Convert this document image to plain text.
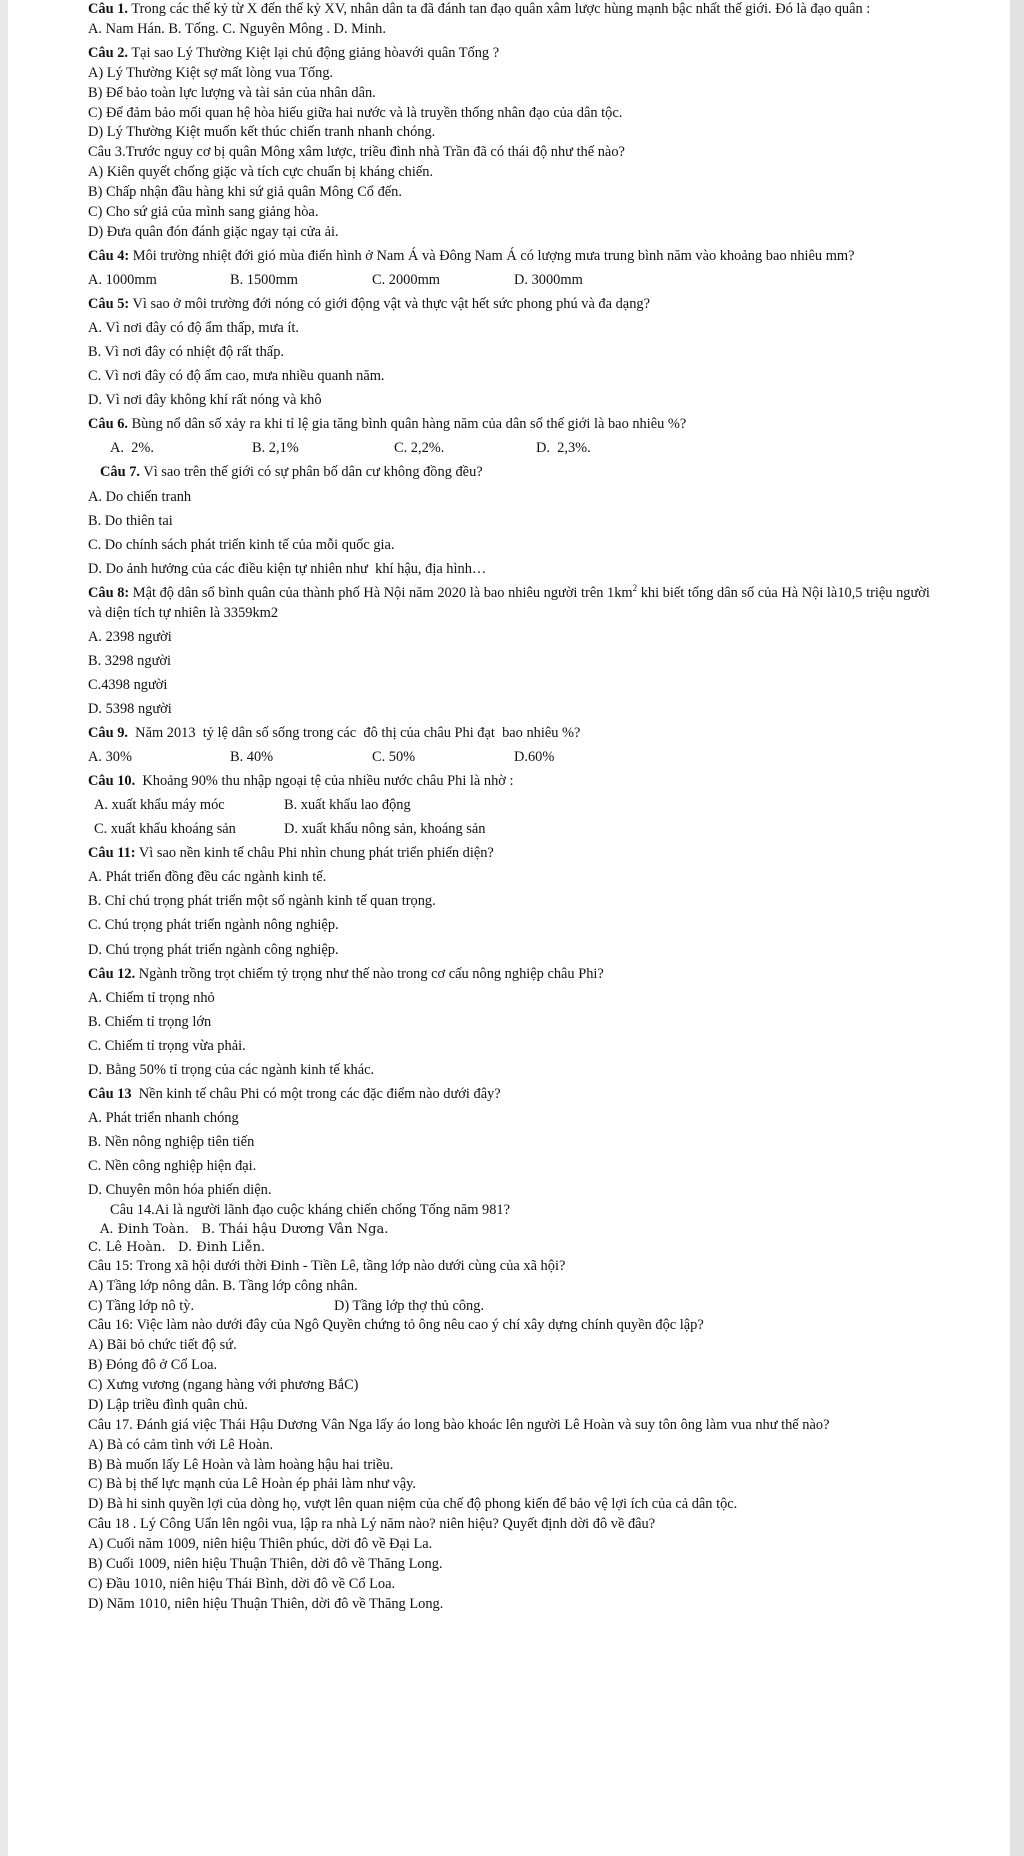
Câu 1. Trong các thế kỷ từ X đến thế kỷ XV, nhân dân ta đã đánh tan đạo quân xâm lược hùng mạnh bậc nhất thế giới. Đó là đạo quân :

A. Nam Hán. B. Tống. C. Nguyên Mông . D. Minh.

Câu 2. Tại sao Lý Thường Kiệt lại chủ động giảng hòavới quân Tống ?

A) Lý Thường Kiệt sợ mất lòng vua Tống.

B) Để bảo toàn lực lượng và tài sản của nhân dân.

C) Để đảm bảo mối quan hệ hòa hiếu giữa hai nước và là truyền thống nhân đạo của dân tộc.

D) Lý Thường Kiệt muốn kết thúc chiến tranh nhanh chóng.

Câu 3.Trước nguy cơ bị quân Mông xâm lược, triều đình nhà Trần đã có thái độ như thế nào?

A) Kiên quyết chống giặc và tích cực chuẩn bị kháng chiến.

B) Chấp nhận đầu hàng khi sứ giả quân Mông Cổ đến.

C) Cho sứ giả của mình sang giảng hòa.

D) Đưa quân đón đánh giặc ngay tại cửa ải.

Câu 4: Môi trường nhiệt đới gió mùa điển hình ở Nam Á và Đông Nam Á có lượng mưa trung bình năm vào khoảng bao nhiêu mm?

A. 1000mm	B. 1500mm	C. 2000mm	D. 3000mm

Câu 5: Vì sao ở môi trường đới nóng có giới động vật và thực vật hết sức phong phú và đa dạng?

A. Vì nơi đây có độ ẩm thấp, mưa ít.

B. Vì nơi đây có nhiệt độ rất thấp.

C. Vì nơi đây có độ ẩm cao, mưa nhiều quanh năm.

D. Vì nơi đây không khí rất nóng và khô

Câu 6. Bùng nổ dân số xảy ra khi tỉ lệ gia tăng bình quân hàng năm của dân số thế giới là bao nhiêu %?

A.  2%.	B. 2,1%	C. 2,2%.	D.  2,3%.

Câu 7. Vì sao trên thế giới có sự phân bố dân cư không đồng đều?

A. Do chiến tranh

B. Do thiên tai

C. Do chính sách phát triển kinh tế của mỗi quốc gia.

D. Do ảnh hưởng của các điều kiện tự nhiên như  khí hậu, địa hình…

Câu 8: Mật độ dân số bình quân của thành phố Hà Nội năm 2020 là bao nhiêu người trên $1km^2$ khi biết tổng dân số của Hà Nội là10,5 triệu người

và diện tích tự nhiên là 3359km2

A. 2398 người

B. 3298 người

C.4398 người

D. 5398 người

Câu 9.  Năm 2013  tỷ lệ dân số sống trong các  đô thị của châu Phi đạt  bao nhiêu %?

A. 30%	B. 40%	C. 50%	D.60%

Câu 10.  Khoảng 90% thu nhập ngoại tệ của nhiều nước châu Phi là nhờ :

A. xuất khẩu máy móc	B. xuất khẩu lao động

C. xuất khẩu khoáng sản	D. xuất khẩu nông sản, khoáng sản

Câu 11: Vì sao nền kinh tế châu Phi nhìn chung phát triển phiến diện?

A. Phát triển đồng đều các ngành kinh tế.

B. Chỉ chú trọng phát triển một số ngành kinh tế quan trọng.

C. Chú trọng phát triển ngành nông nghiệp.

D. Chú trọng phát triển ngành công nghiệp.

Câu 12. Ngành trồng trọt chiếm tỷ trọng như thế nào trong cơ cấu nông nghiệp châu Phi?

A. Chiếm tỉ trọng nhỏ

B. Chiếm tỉ trọng lớn

C. Chiếm tỉ trọng vừa phải.

D. Bằng 50% tỉ trọng của các ngành kinh tế khác.

Câu 13  Nền kinh tế châu Phi có một trong các đặc điểm nào dưới đây?

A. Phát triển nhanh chóng

B. Nền nông nghiệp tiên tiến

C. Nền công nghiệp hiện đại.

D. Chuyên môn hóa phiến diện.

Câu 14.Ai là người lãnh đạo cuộc kháng chiến chống Tống năm 981?

A. Đinh Toàn.   B. Thái hậu Dương Vân Nga.

C. Lê Hoàn.   D. Đinh Liễn.

Câu 15: Trong xã hội dưới thời Đinh - Tiền Lê, tầng lớp nào dưới cùng của xã hội?

A) Tầng lớp nông dân. B. Tầng lớp công nhân.

C) Tầng lớp nô tỳ.	D) Tầng lớp thợ thủ công.

Câu 16: Việc làm nào dưới đây của Ngô Quyền chứng tỏ ông nêu cao ý chí xây dựng chính quyền độc lập?

A) Bãi bỏ chức tiết độ sứ.

B) Đóng đô ở Cổ Loa.

C) Xưng vương (ngang hàng với phương BắC)

D) Lập triều đình quân chủ.

Câu 17. Đánh giá việc Thái Hậu Dương Vân Nga lấy áo long bào khoác lên người Lê Hoàn và suy tôn ông làm vua như thế nào?

A) Bà có cảm tình với Lê Hoàn.

B) Bà muốn lấy Lê Hoàn và làm hoàng hậu hai triều.

C) Bà bị thế lực mạnh của Lê Hoàn ép phải làm như vậy.

D) Bà hi sinh quyền lợi của dòng họ, vượt lên quan niệm của chế độ phong kiến để bảo vệ lợi ích của cả dân tộc.

Câu 18 . Lý Công Uẩn lên ngôi vua, lập ra nhà Lý năm nào? niên hiệu? Quyết định dời đô về đâu?

A) Cuối năm 1009, niên hiệu Thiên phúc, dời đô về Đại La.

B) Cuối 1009, niên hiệu Thuận Thiên, dời đô về Thăng Long.

C) Đầu 1010, niên hiệu Thái Bình, dời đô về Cổ Loa.

D) Năm 1010, niên hiệu Thuận Thiên, dời đô về Thăng Long.
